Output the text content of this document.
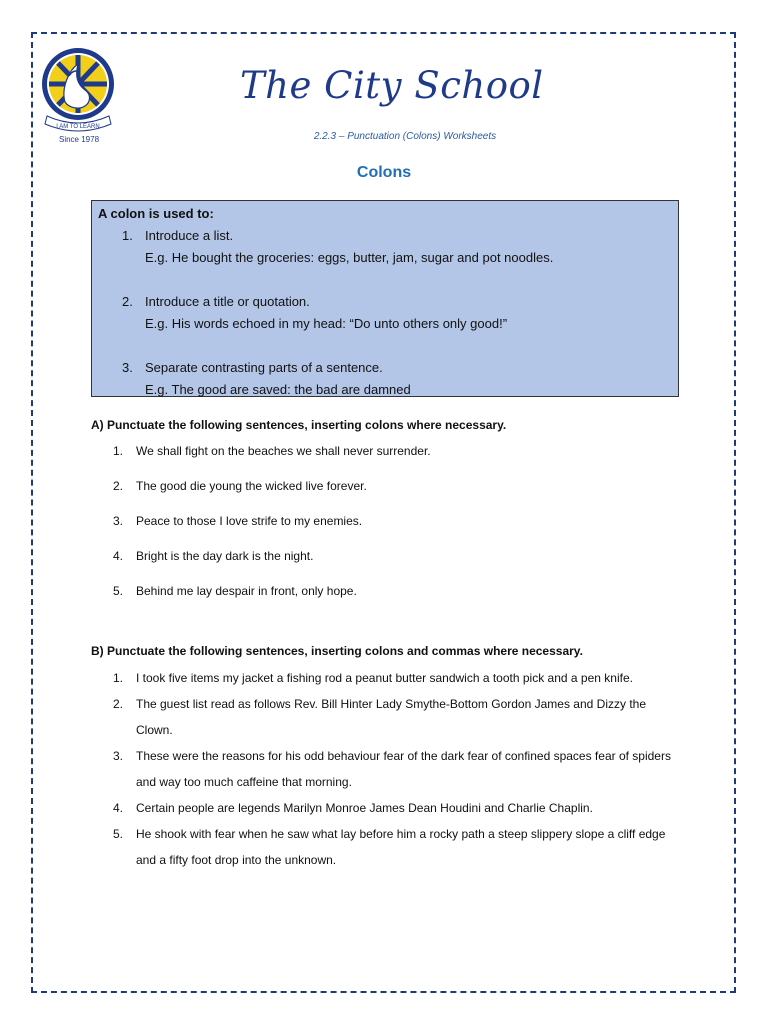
I AM TO LEARN
Since 1978
The City School
2.2.3 – Punctuation (Colons) Worksheets
Colons
A colon is used to:
1. Introduce a list.
E.g. He bought the groceries: eggs, butter, jam, sugar and pot noodles.
2. Introduce a title or quotation.
E.g. His words echoed in my head: “Do unto others only good!”
3. Separate contrasting parts of a sentence.
E.g. The good are saved: the bad are damned
A) Punctuate the following sentences, inserting colons where necessary.
1. We shall fight on the beaches we shall never surrender.
2. The good die young the wicked live forever.
3. Peace to those I love strife to my enemies.
4. Bright is the day dark is the night.
5. Behind me lay despair in front, only hope.
B) Punctuate the following sentences, inserting colons and commas where necessary.
1. I took five items my jacket a fishing rod a peanut butter sandwich a tooth pick and a pen knife.
2. The guest list read as follows Rev. Bill Hinter Lady Smythe-Bottom Gordon James and Dizzy the Clown.
3. These were the reasons for his odd behaviour fear of the dark fear of confined spaces fear of spiders and way too much caffeine that morning.
4. Certain people are legends Marilyn Monroe James Dean Houdini and Charlie Chaplin.
5. He shook with fear when he saw what lay before him a rocky path a steep slippery slope a cliff edge and a fifty foot drop into the unknown.
